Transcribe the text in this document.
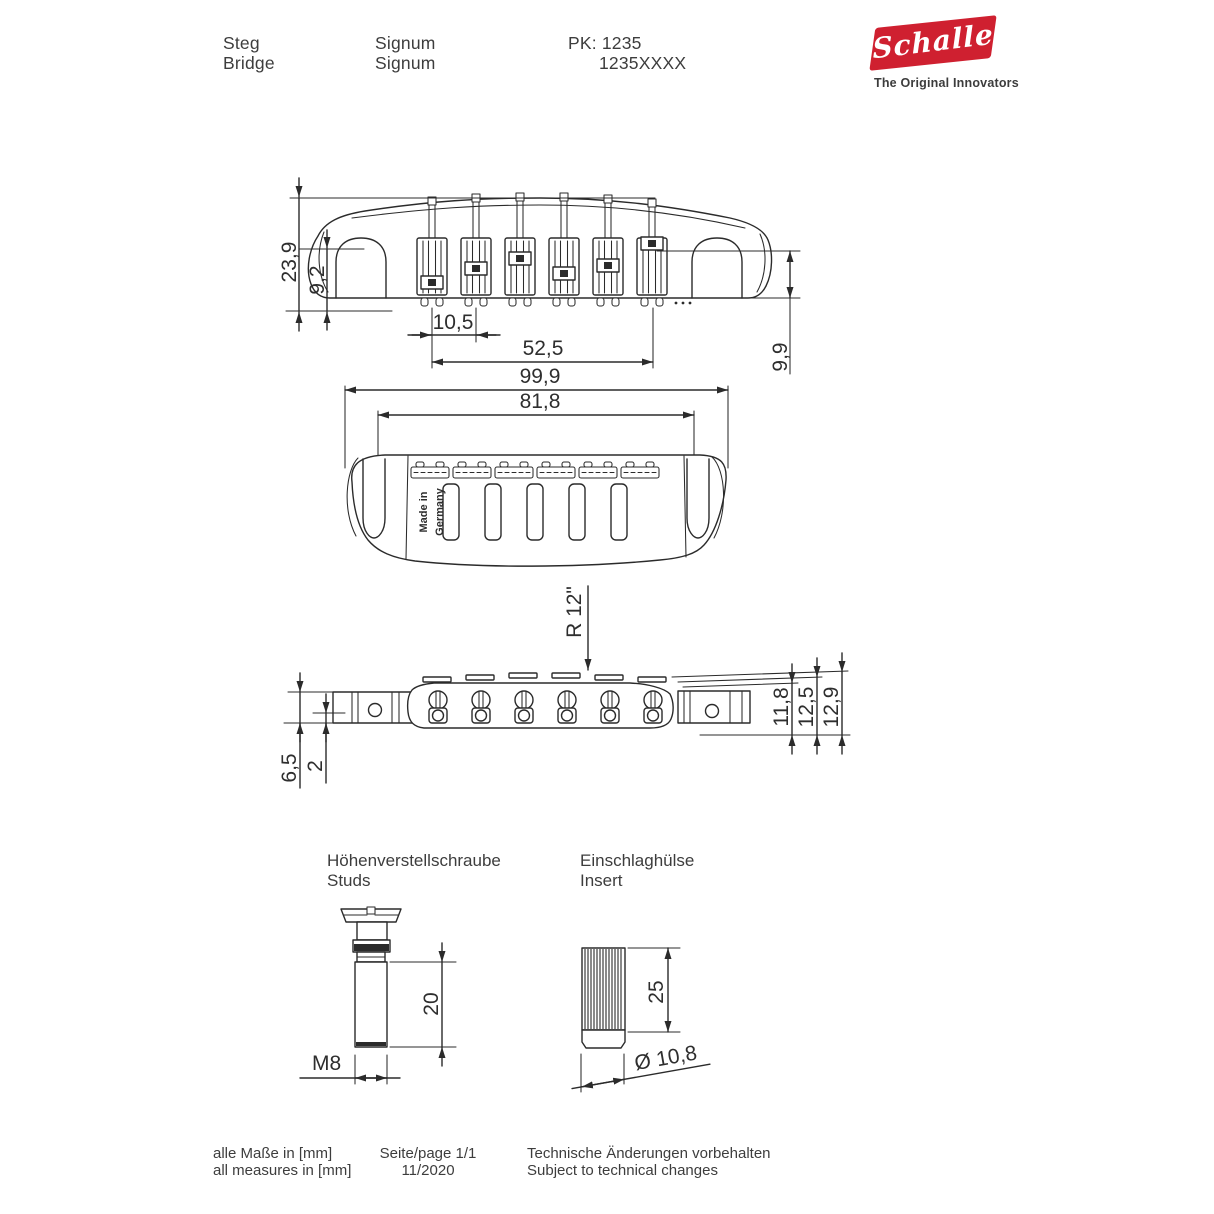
Steg
Bridge
Signum
Signum
PK: 1235
1235XXXX	Schaller
The Original Innovators
Höhenverstellschraube
Studs
Einschlaghülse
Insert
alle Maße in [mm]
all measures in [mm]
Seite/page 1/1
11/2020
Technische Änderungen vorbehalten
Subject to technical changes
23,9 9,2
9,9
10,5
52,5
99,9
81,8
Made in Germany
R 12"
11,8 12,5 12,9
6,5 2
20
M8
25
Ø 10,8
